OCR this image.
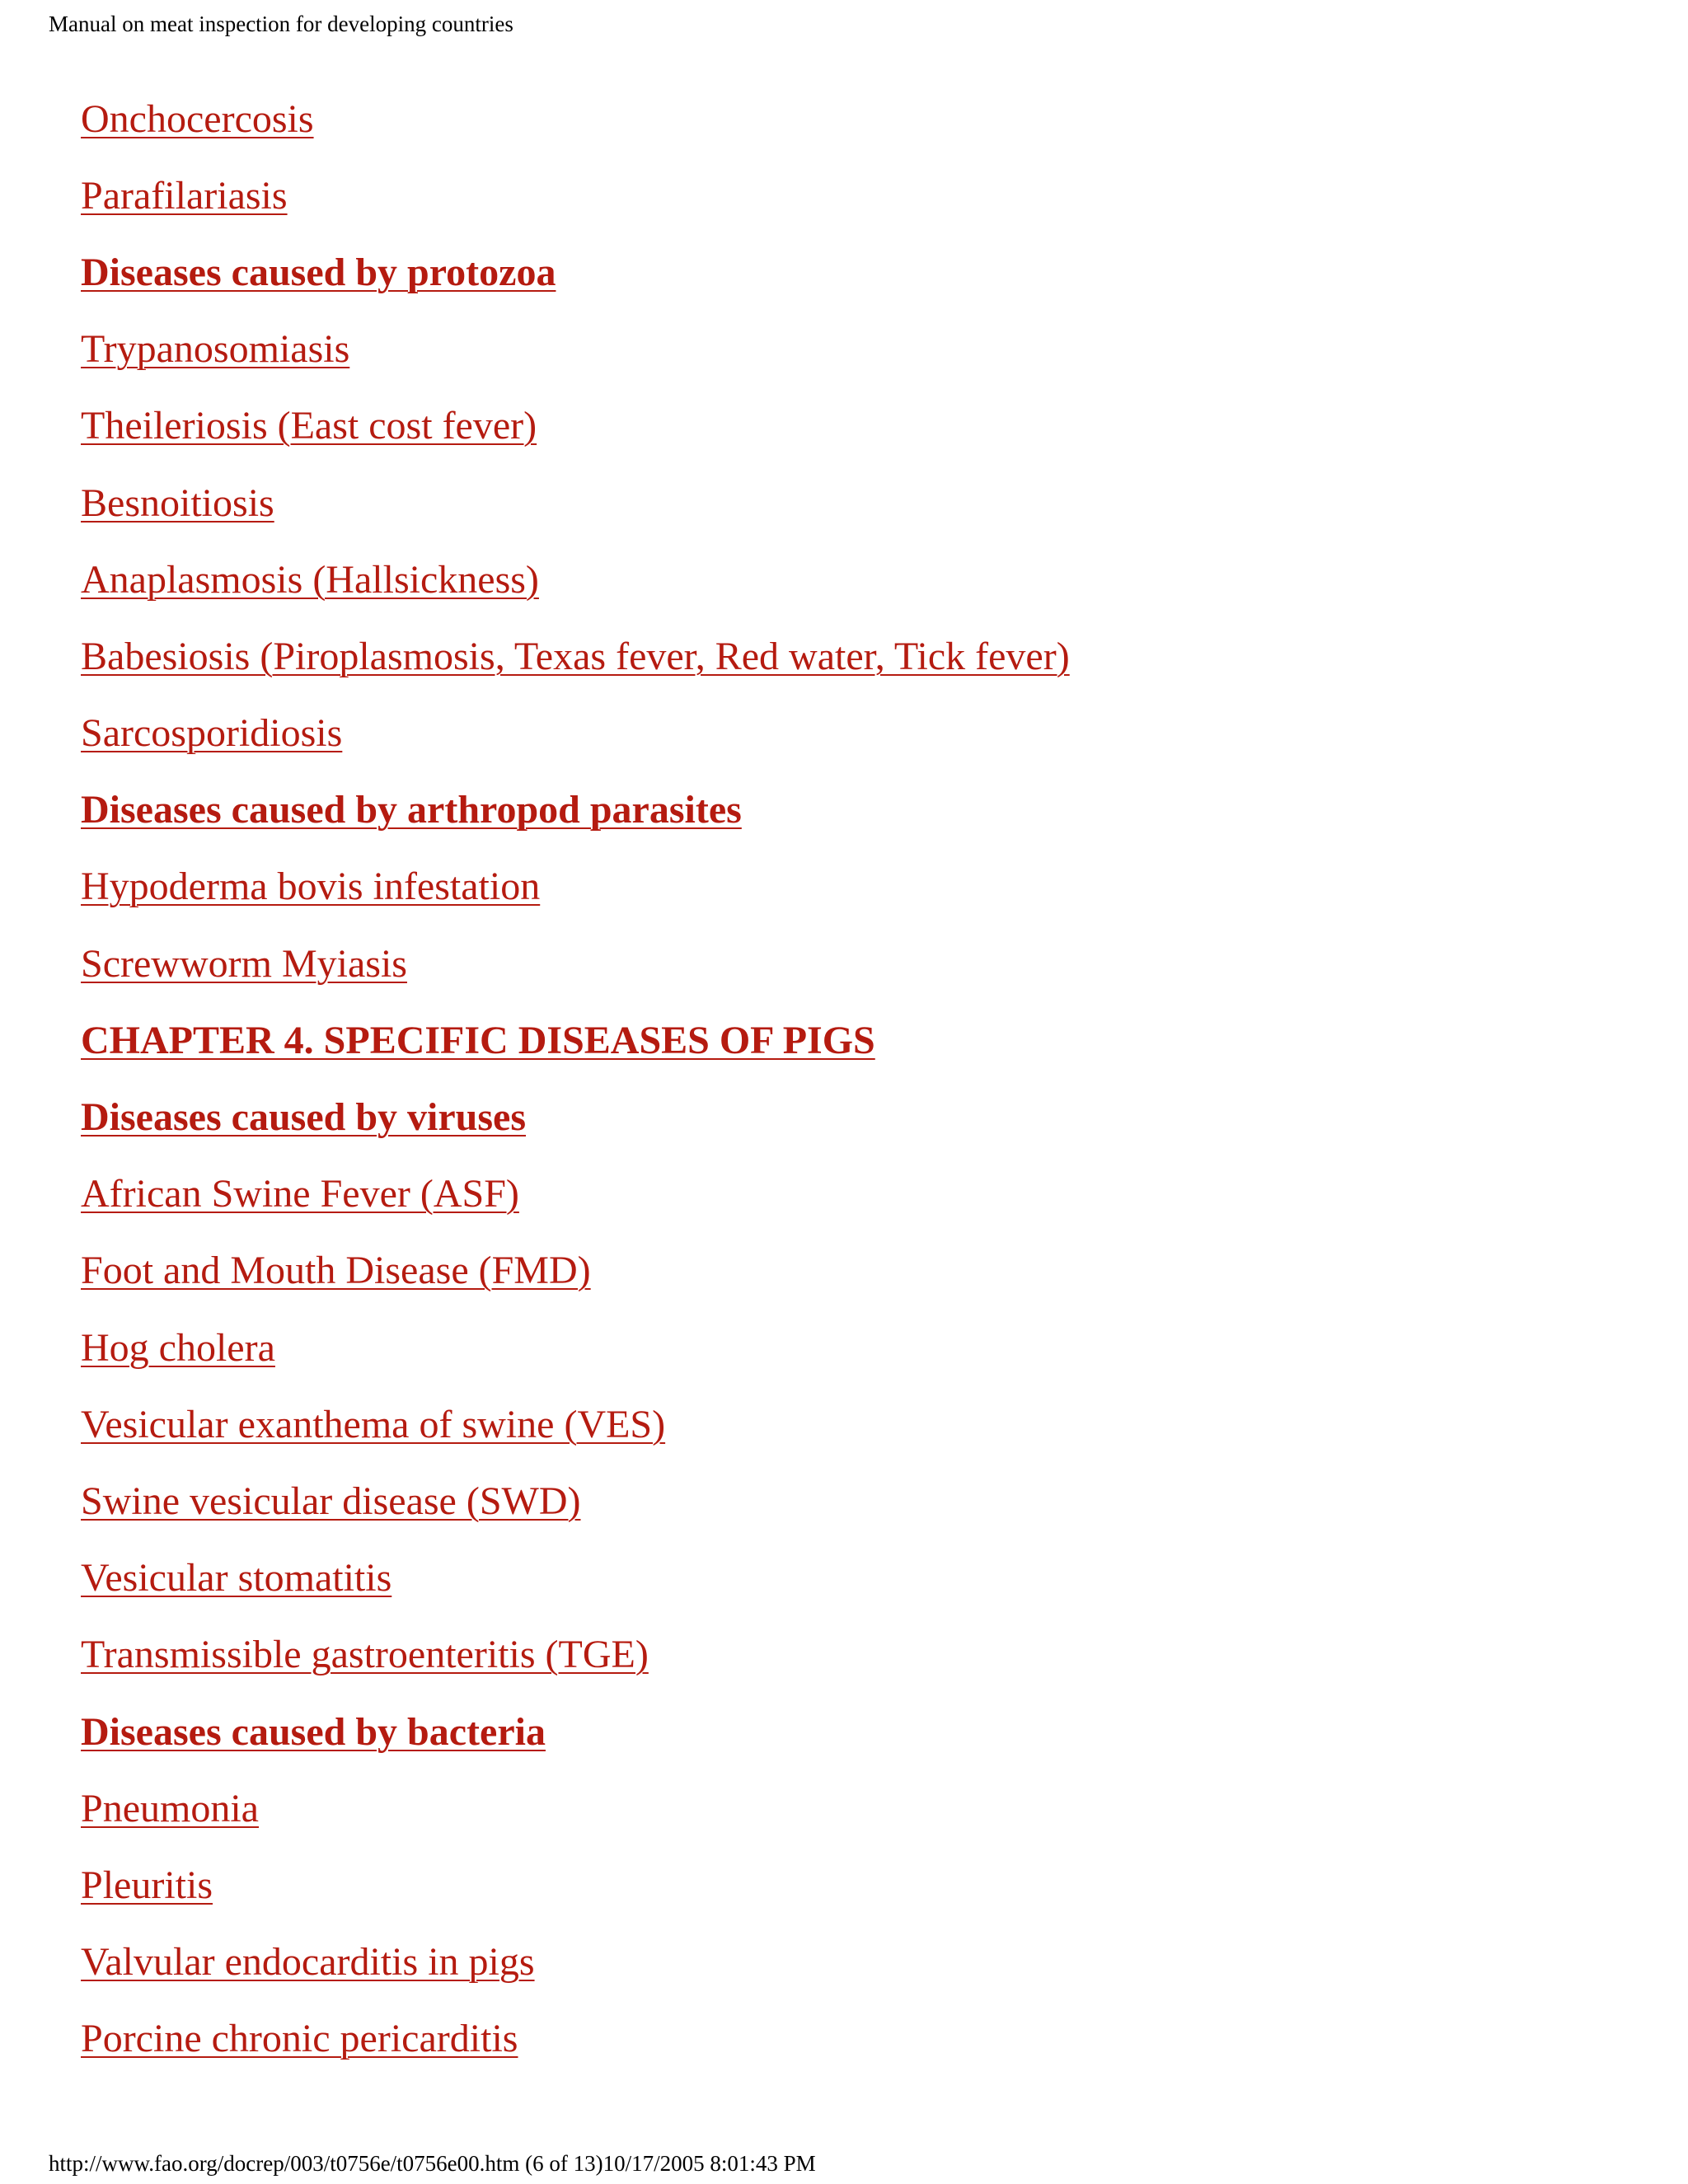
Manual on meat inspection for developing countries
Onchocercosis
Parafilariasis
Diseases caused by protozoa
Trypanosomiasis
Theileriosis (East cost fever)
Besnoitiosis
Anaplasmosis (Hallsickness)
Babesiosis (Piroplasmosis, Texas fever, Red water, Tick fever)
Sarcosporidiosis
Diseases caused by arthropod parasites
Hypoderma bovis infestation
Screwworm Myiasis
CHAPTER 4. SPECIFIC DISEASES OF PIGS
Diseases caused by viruses
African Swine Fever (ASF)
Foot and Mouth Disease (FMD)
Hog cholera
Vesicular exanthema of swine (VES)
Swine vesicular disease (SWD)
Vesicular stomatitis
Transmissible gastroenteritis (TGE)
Diseases caused by bacteria
Pneumonia
Pleuritis
Valvular endocarditis in pigs
Porcine chronic pericarditis
http://www.fao.org/docrep/003/t0756e/t0756e00.htm (6 of 13)10/17/2005 8:01:43 PM
